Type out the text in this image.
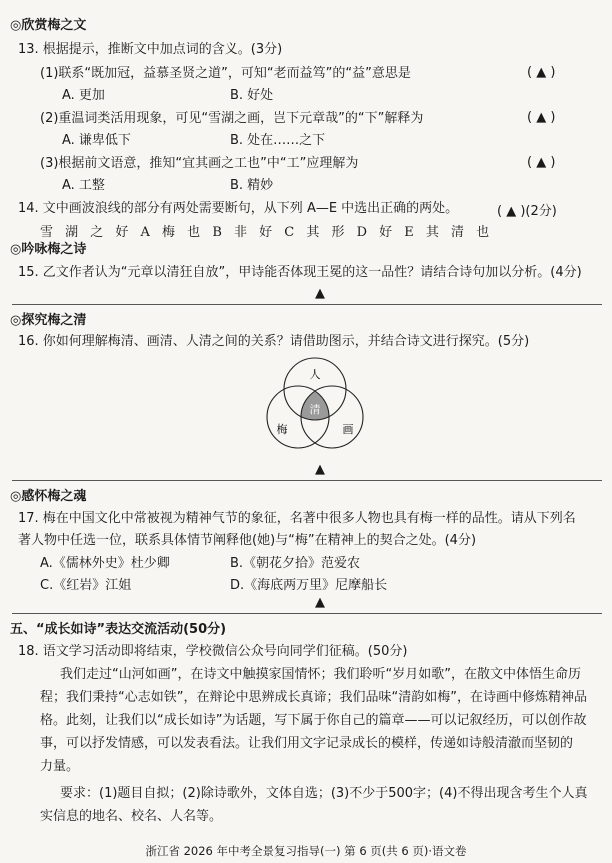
◎欣赏梅之文
13. 根据提示，推断文中加点词的含义。(3分)
(1)联系“既加冠，益慕圣贤之道”，可知“老而益笃”的“益”意思是	( ▲ )
A. 更加	B. 好处
(2)重温词类活用现象，可见“雪湖之画，岂下元章哉”的“下”解释为	( ▲ )
A. 谦卑低下	B. 处在……之下
(3)根据前文语意，推知“宜其画之工也”中“工”应理解为	( ▲ )
A. 工整	B. 精妙
14. 文中画波浪线的部分有两处需要断句，从下列 A—E 中选出正确的两处。	( ▲ )(2分)
雪 湖 之 好 A 梅 也 B 非 好 C 其 形 D 好 E 其 清 也
◎吟咏梅之诗
15. 乙文作者认为“元章以清狂自放”，甲诗能否体现王冕的这一品性？请结合诗句加以分析。(4分)
▲
◎探究梅之清
16. 你如何理解梅清、画清、人清之间的关系？请借助图示，并结合诗文进行探究。(5分)
人
梅	画
清
▲
◎感怀梅之魂
17. 梅在中国文化中常被视为精神气节的象征，名著中很多人物也具有梅一样的品性。请从下列名
著人物中任选一位，联系具体情节阐释他(她)与“梅”在精神上的契合之处。(4分)
A.《儒林外史》杜少卿	B.《朝花夕拾》范爱农
C.《红岩》江姐	D.《海底两万里》尼摩船长
▲
五、“成长如诗”表达交流活动(50分)
18. 语文学习活动即将结束，学校微信公众号向同学们征稿。(50分)
我们走过“山河如画”，在诗文中触摸家国情怀；我们聆听“岁月如歌”，在散文中体悟生命历
程；我们秉持“心志如铁”，在辩论中思辨成长真谛；我们品味“清韵如梅”，在诗画中修炼精神品
格。此刻，让我们以“成长如诗”为话题，写下属于你自己的篇章——可以记叙经历，可以创作故
事，可以抒发情感，可以发表看法。让我们用文字记录成长的模样，传递如诗般清澈而坚韧的
力量。
要求：(1)题目自拟；(2)除诗歌外，文体自选；(3)不少于500字；(4)不得出现含考生个人真
实信息的地名、校名、人名等。
浙江省 2026 年中考全景复习指导(一) 第 6 页(共 6 页)·语文卷
